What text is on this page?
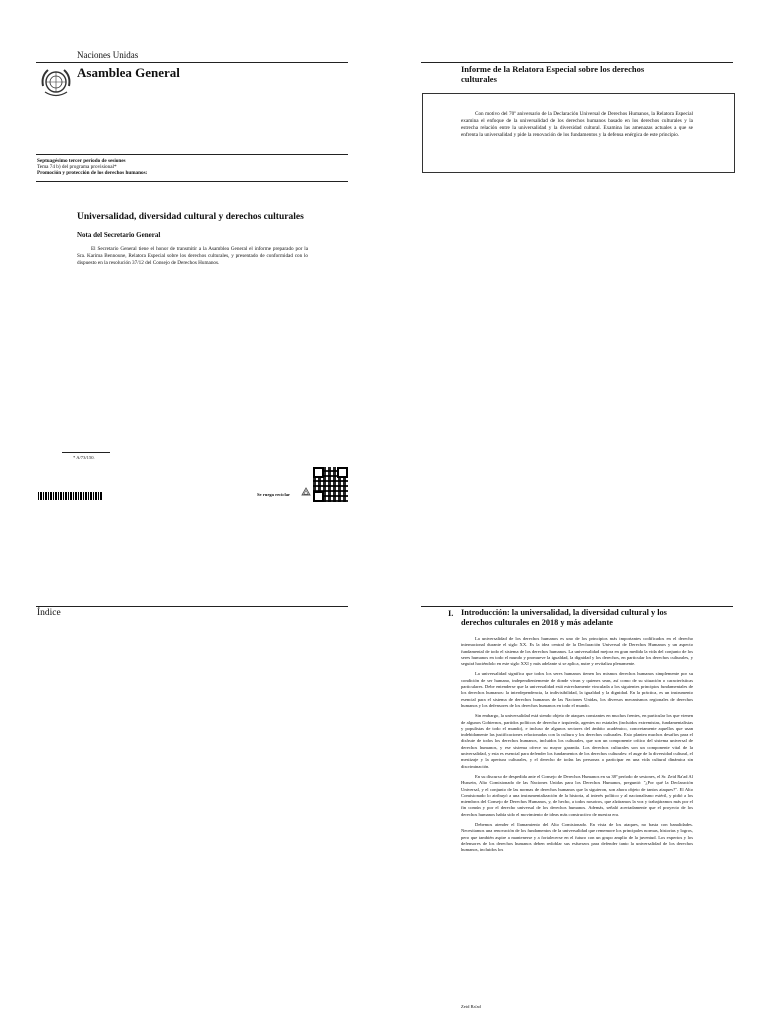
Naciones Unidas
Asamblea General
Septuagésimo tercer período de sesiones
Tema 74 b) del programa provisional*
Promoción y protección de los derechos humanos:
Universalidad, diversidad cultural y derechos culturales
Nota del Secretario General

El Secretario General tiene el honor de transmitir a la Asamblea General el informe preparado por la Sra. Karima Bennoune, Relatora Especial sobre los derechos culturales, y presentado de conformidad con lo dispuesto en la resolución 37/12 del Consejo de Derechos Humanos.

* A/73/150.
Se ruega reciclar
Informe de la Relatora Especial sobre los derechos culturales

Con motivo del 70º aniversario de la Declaración Universal de Derechos Humanos, la Relatora Especial examina el enfoque de la universalidad de los derechos humanos basado en los derechos culturales y la estrecha relación entre la universalidad y la diversidad cultural. Examina las amenazas actuales a que se enfrenta la universalidad y pide la renovación de los fundamentos y la defensa enérgica de este principio.

Índice	I. Introducción: la universalidad, la diversidad cultural y los derechos culturales en 2018 y más adelante

La universalidad de los derechos humanos es uno de los principios más importantes codificados en el derecho internacional durante el siglo XX. Es la idea central de la Declaración Universal de Derechos Humanos y un aspecto fundamental de todo el sistema de los derechos humanos. La universalidad mejora en gran medida la vida del conjunto de los seres humanos en todo el mundo y promueve la igualdad, la dignidad y los derechos, en particular los derechos culturales, y seguirá haciéndolo en este siglo XXI y más adelante si se aplica, nutre y revitaliza plenamente.

La universalidad significa que todos los seres humanos tienen los mismos derechos humanos simplemente por su condición de ser humano, independientemente de donde vivan y quienes sean, así como de su situación o características particulares. Debe entenderse que la universalidad está estrechamente vinculada a los siguientes principios fundamentales de los derechos humanos: la interdependencia, la indivisibilidad, la igualdad y la dignidad. En la práctica, es un instrumento esencial para el sistema de derechos humanos de las Naciones Unidas, los diversos mecanismos regionales de derechos humanos y los defensores de los derechos humanos en todo el mundo.

Sin embargo, la universalidad está siendo objeto de ataques constantes en muchos frentes, en particular los que vienen de algunos Gobiernos, partidos políticos de derecha e izquierda, agentes no estatales (incluidos extremistas, fundamentalistas y populistas de todo el mundo), e incluso de algunos sectores del ámbito académico, concretamente aquellos que usan indebidamente las justificaciones relacionadas con la cultura y los derechos culturales. Esto plantea muchos desafíos para el disfrute de todos los derechos humanos, incluidos los culturales, que son un componente crítico del sistema universal de derechos humanos, y ese sistema ofrece su mayor garantía. Los derechos culturales son un componente vital de la universalidad, y esta es esencial para defender los fundamentos de los derechos culturales: el auge de la diversidad cultural, el mestizaje y la apertura culturales, y el derecho de todas las personas a participar en una vida cultural dinámica sin discriminación.

En su discurso de despedida ante el Consejo de Derechos Humanos en su 38º período de sesiones, el Sr. Zeid Ra'ad Al Hussein, Alto Comisionado de las Naciones Unidas para los Derechos Humanos, preguntó: "¿Por qué la Declaración Universal, y el conjunto de las normas de derechos humanos que la siguieron, son ahora objeto de tantos ataques?". El Alto Comisionado lo atribuyó a una instrumentalización de la historia, al interés político y al nacionalismo estéril, y pidió a los miembros del Consejo de Derechos Humanos, y, de hecho, a todos nosotros, que alzáramos la voz y trabajáramos más por el fin común y por el derecho universal de los derechos humanos. Además, señaló acertadamente que el proyecto de los derechos humanos había sido el movimiento de ideas más constructivo de nuestra era.

Debemos atender el llamamiento del Alto Comisionado. En vista de los ataques, no basta con banalidades. Necesitamos una renovación de los fundamentos de la universalidad que rememore los principales normas, historias y logros, pero que también aspire a mantenerse y a fortalecerse en el futuro con un grupo amplio de la juventud. Los expertos y los defensores de los derechos humanos deben redoblar sus esfuerzos para defender tanto la universalidad de los derechos humanos, incluidos los

Zeid Ra'ad
